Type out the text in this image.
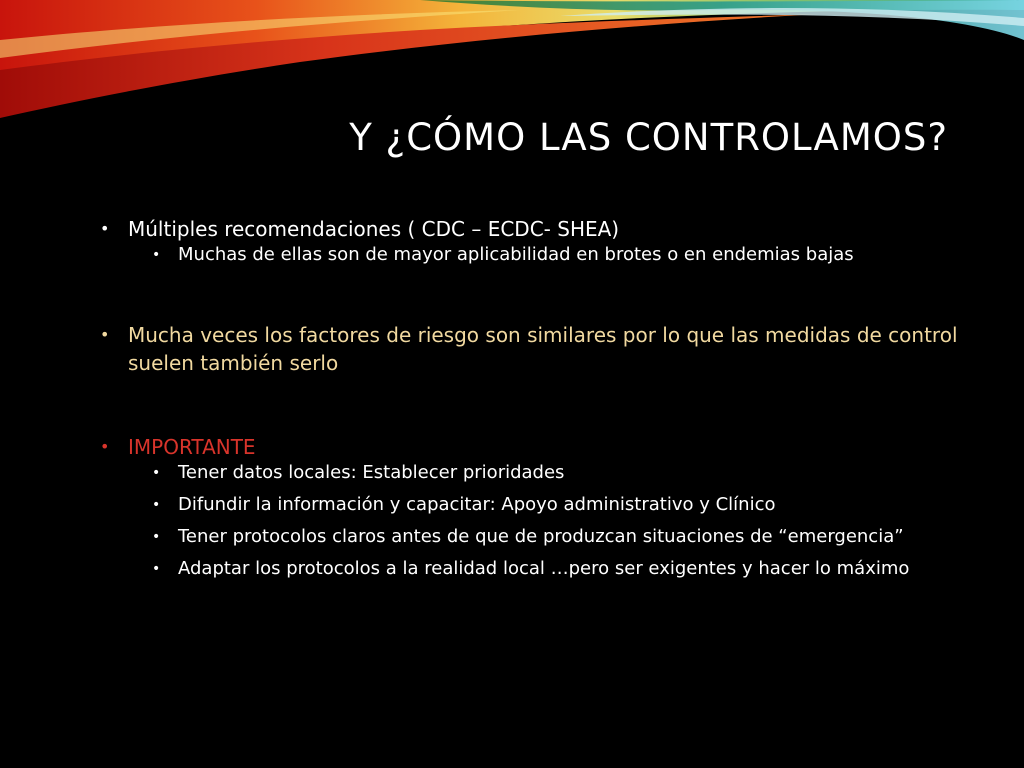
Y ¿CÓMO LAS CONTROLAMOS?
• Múltiples recomendaciones ( CDC – ECDC- SHEA)
• Muchas de ellas son de mayor aplicabilidad en brotes o en endemias bajas
• Mucha veces los factores de riesgo son similares por lo que las medidas de control suelen también serlo
• IMPORTANTE
• Tener datos locales: Establecer prioridades
• Difundir la información y capacitar: Apoyo administrativo y Clínico
• Tener protocolos claros antes de que de produzcan situaciones de “emergencia”
• Adaptar los protocolos a la realidad local …pero ser exigentes y hacer lo máximo
